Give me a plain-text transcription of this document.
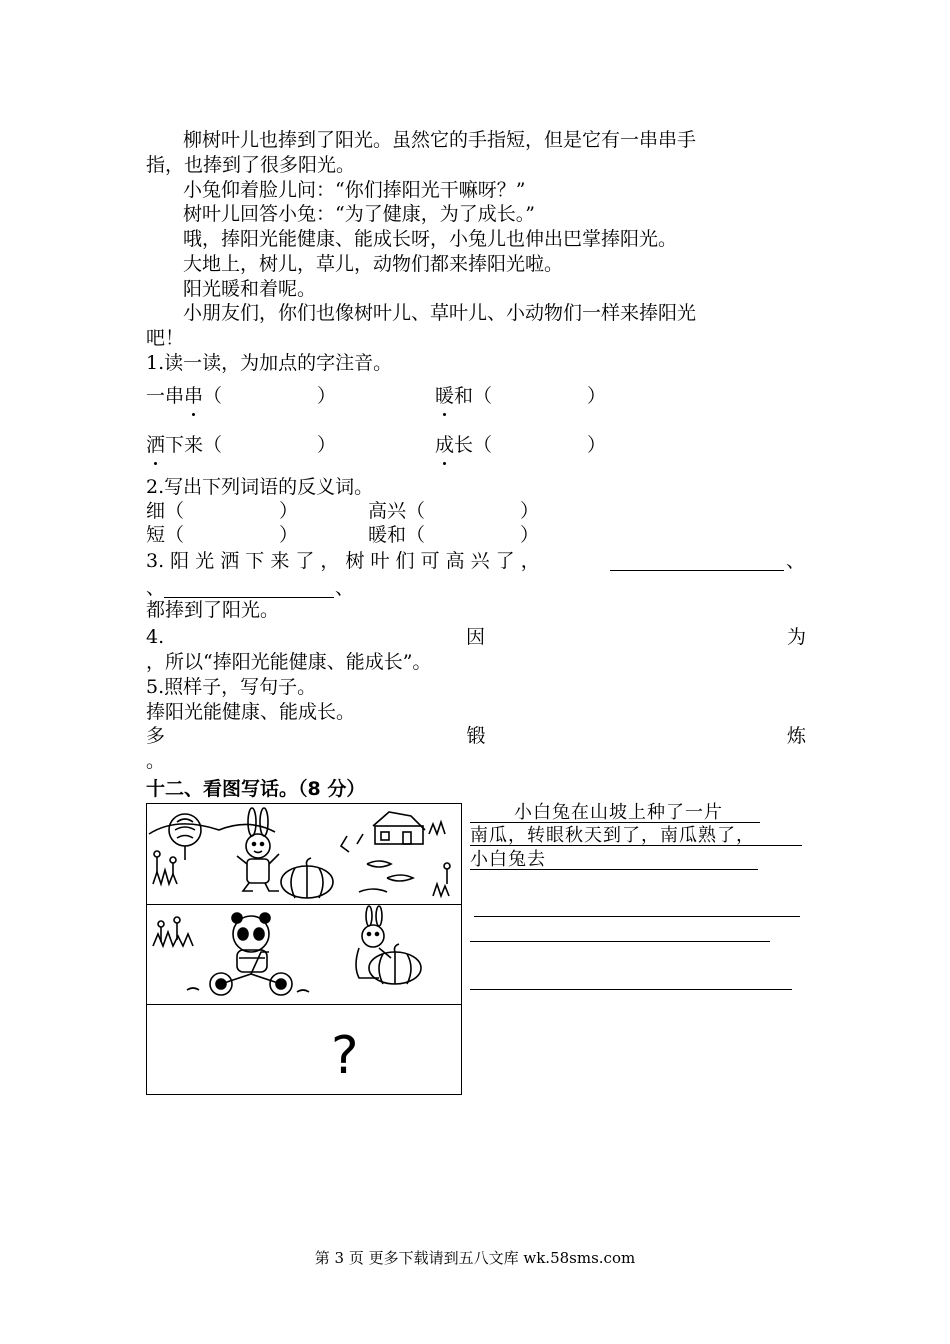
柳树叶儿也捧到了阳光。虽然它的手指短，但是它有一串串手
指，也捧到了很多阳光。
小兔仰着脸儿问：“你们捧阳光干嘛呀？”
树叶儿回答小兔：“为了健康，为了成长。”
哦，捧阳光能健康、能成长呀，小兔儿也伸出巴掌捧阳光。
大地上，树儿，草儿，动物们都来捧阳光啦。
阳光暖和着呢。
小朋友们，你们也像树叶儿、草叶儿、小动物们一样来捧阳光
吧！
1.读一读，为加点的字注音。
一串串（　　　　　）	暖和（　　　　　）
洒下来（　　　　　）	成长（　　　　　）
2.写出下列词语的反义词。
细（　　　　　）	高兴（　　　　　）
短（　　　　　）	暖和（　　　　　）
3. 阳 光 洒 下 来 了 ， 树 叶 们 可 高 兴 了 ，	、
、	、
都捧到了阳光。
4.	因	为
，所以“捧阳光能健康、能成长”。
5.照样子，写句子。
捧阳光能健康、能成长。
多	锻	炼
。
十二、看图写话。（8 分）
?
小白兔在山坡上种了一片
南瓜，转眼秋天到了，南瓜熟了，
小白兔去
第 3 页 更多下载请到五八文库 wk.58sms.com
